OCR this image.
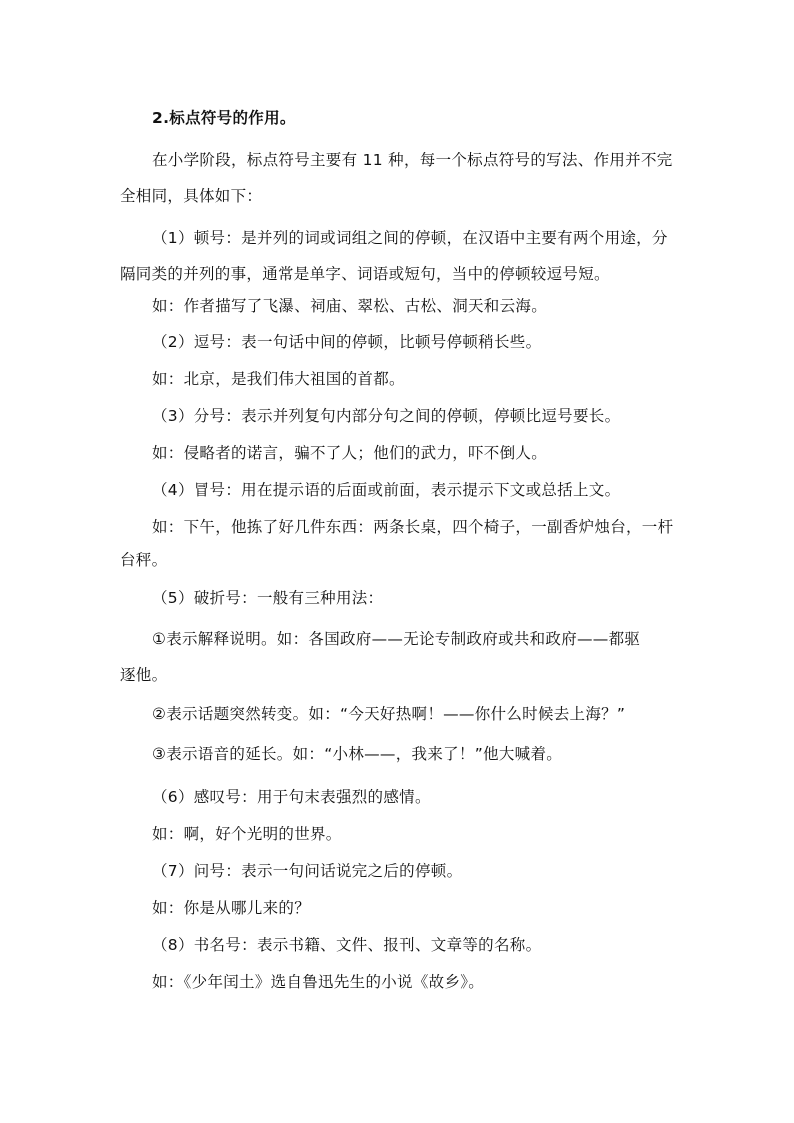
2.标点符号的作用。
在小学阶段，标点符号主要有 11 种，每一个标点符号的写法、作用并不完
全相同，具体如下：
（1）顿号：是并列的词或词组之间的停顿，在汉语中主要有两个用途，分
隔同类的并列的事，通常是单字、词语或短句，当中的停顿较逗号短。
如：作者描写了飞瀑、祠庙、翠松、古松、洞天和云海。
（2）逗号：表一句话中间的停顿，比顿号停顿稍长些。
如：北京，是我们伟大祖国的首都。
（3）分号：表示并列复句内部分句之间的停顿，停顿比逗号要长。
如：侵略者的诺言，骗不了人；他们的武力，吓不倒人。
（4）冒号：用在提示语的后面或前面，表示提示下文或总括上文。
如：下午，他拣了好几件东西：两条长桌，四个椅子，一副香炉烛台，一杆
台秤。
（5）破折号：一般有三种用法：
①表示解释说明。如：各国政府——无论专制政府或共和政府——都驱
逐他。
②表示话题突然转变。如：“今天好热啊！——你什么时候去上海？”
③表示语音的延长。如：“小林——，我来了！”他大喊着。
（6）感叹号：用于句末表强烈的感情。
如：啊，好个光明的世界。
（7）问号：表示一句问话说完之后的停顿。
如：你是从哪儿来的？
（8）书名号：表示书籍、文件、报刊、文章等的名称。
如：《少年闰土》选自鲁迅先生的小说《故乡》。
